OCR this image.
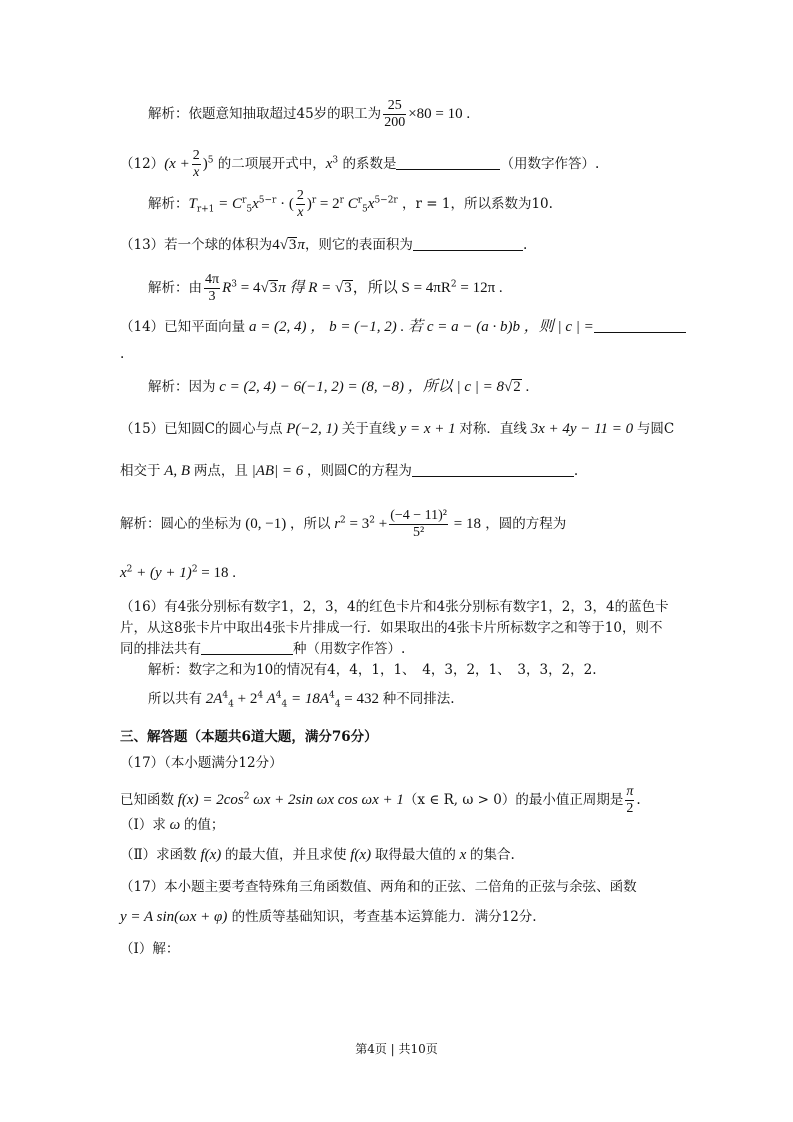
解析：依题意知抽取超过45岁的职工为 $\frac{25}{200} \times 80 = 10$ .
$(12)(x + \frac{2}{x} )^5$ 的二项展开式中，$x^3$ 的系数是	（用数字作答）.
解析：$T_{r+1} = C^r_5x^{5-r}$ · ( $\frac{2}{x} )^r = 2^r$ $C^r_5x^{5-2r}$ ，r = 1，所以系数为10.
（13）若一个球的体积为4√3π，则它的表面积为	.
解析：由 $\frac{4\pi}{3} R^3 = 4√3\pi$ 得 R = √3，所以 $S = 4\pi R^2 = 12\pi$ .
（14）已知平面向量 a = (2, 4) ， b = (−1, 2) . 若 c = a − (a · b)b ，则 | c | =
.
解析：因为 c = (2, 4) − 6(−1, 2) = (8, −8) ，所以 | c | = 8√2 .
（15）已知圆C的圆心与点 P(−2, 1) 关于直线 y = x + 1 对称．直线 3x + 4y − 11 = 0 与圆C
相交于 A, B 两点，且 |AB| = 6 ，则圆C的方程为	.
解析：圆心的坐标为 (0, −1) ，所以 $r^2 = 3^2 + \frac{\text{(−4 − 11)²}}{\text{5²}} = 18$ ，圆的方程为
$x^2 + (y + 1)^2 = 18$ .
（16）有4张分别标有数字1，2，3，4的红色卡片和4张分别标有数字1，2，3，4的蓝色卡
片，从这8张卡片中取出4张卡片排成一行．如果取出的4张卡片所标数字之和等于10，则不
同的排法共有	种（用数字作答）.
解析：数字之和为10的情况有4，4，1，1、　4，3，2，1、　3，3，2，2.
所以共有 $2A^4_4 + 2^4$ $A^4_4 = 18A^4_4 = 432$ 种不同排法.
三、解答题（本题共6道大题，满分76分）
（17）（本小题满分12分）
已知函数 $f(x) = 2\cos^2$ ωx + 2sin ωx cos ωx + 1（x ∈ R, ω > 0）的最小值正周期是 $\frac{\pi}{2}$ .
（Ⅰ）求 ω 的值；
（Ⅱ）求函数 f(x) 的最大值，并且求使 f(x) 取得最大值的 x 的集合.
（17）本小题主要考查特殊角三角函数值、两角和的正弦、二倍角的正弦与余弦、函数
y = A sin(ωx + φ) 的性质等基础知识，考查基本运算能力．满分12分.
（Ⅰ）解：
第4页 | 共10页
